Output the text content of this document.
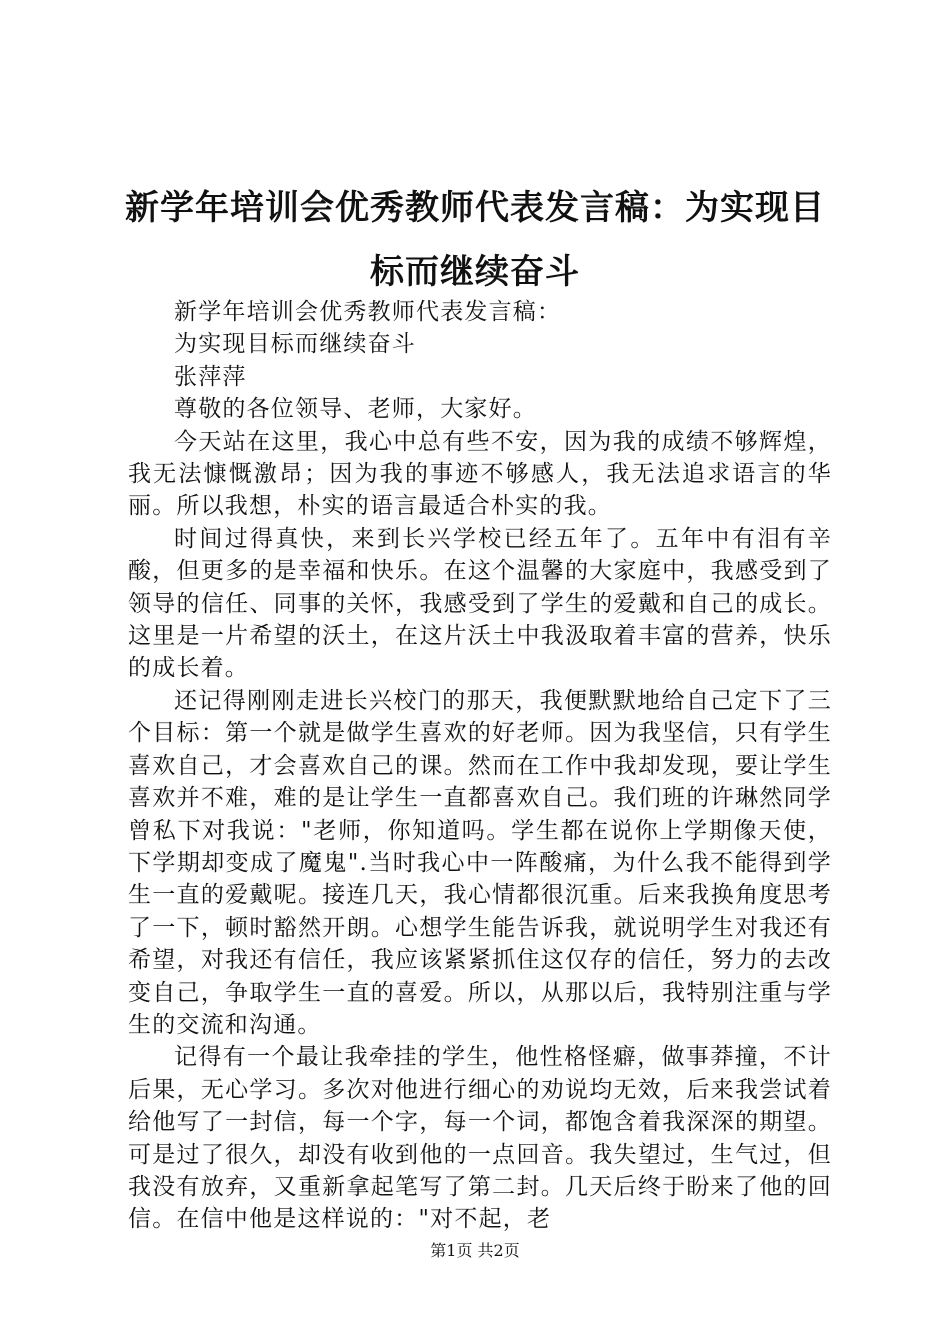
新学年培训会优秀教师代表发言稿：为实现目标而继续奋斗

新学年培训会优秀教师代表发言稿：

为实现目标而继续奋斗

张萍萍

尊敬的各位领导、老师，大家好。

今天站在这里，我心中总有些不安，因为我的成绩不够辉煌，我无法慷慨激昂；因为我的事迹不够感人，我无法追求语言的华丽。所以我想，朴实的语言最适合朴实的我。

时间过得真快，来到长兴学校已经五年了。五年中有泪有辛酸，但更多的是幸福和快乐。在这个温馨的大家庭中，我感受到了领导的信任、同事的关怀，我感受到了学生的爱戴和自己的成长。这里是一片希望的沃土，在这片沃土中我汲取着丰富的营养，快乐的成长着。

还记得刚刚走进长兴校门的那天，我便默默地给自己定下了三个目标：第一个就是做学生喜欢的好老师。因为我坚信，只有学生喜欢自己，才会喜欢自己的课。然而在工作中我却发现，要让学生喜欢并不难，难的是让学生一直都喜欢自己。我们班的许琳然同学曾私下对我说："老师，你知道吗。学生都在说你上学期像天使，下学期却变成了魔鬼".当时我心中一阵酸痛，为什么我不能得到学生一直的爱戴呢。接连几天，我心情都很沉重。后来我换角度思考了一下，顿时豁然开朗。心想学生能告诉我，就说明学生对我还有希望，对我还有信任，我应该紧紧抓住这仅存的信任，努力的去改变自己，争取学生一直的喜爱。所以，从那以后，我特别注重与学生的交流和沟通。

记得有一个最让我牵挂的学生，他性格怪癖，做事莽撞，不计后果，无心学习。多次对他进行细心的劝说均无效，后来我尝试着给他写了一封信，每一个字，每一个词，都饱含着我深深的期望。可是过了很久，却没有收到他的一点回音。我失望过，生气过，但我没有放弃，又重新拿起笔写了第二封。几天后终于盼来了他的回信。在信中他是这样说的："对不起，老

第1页 共2页
